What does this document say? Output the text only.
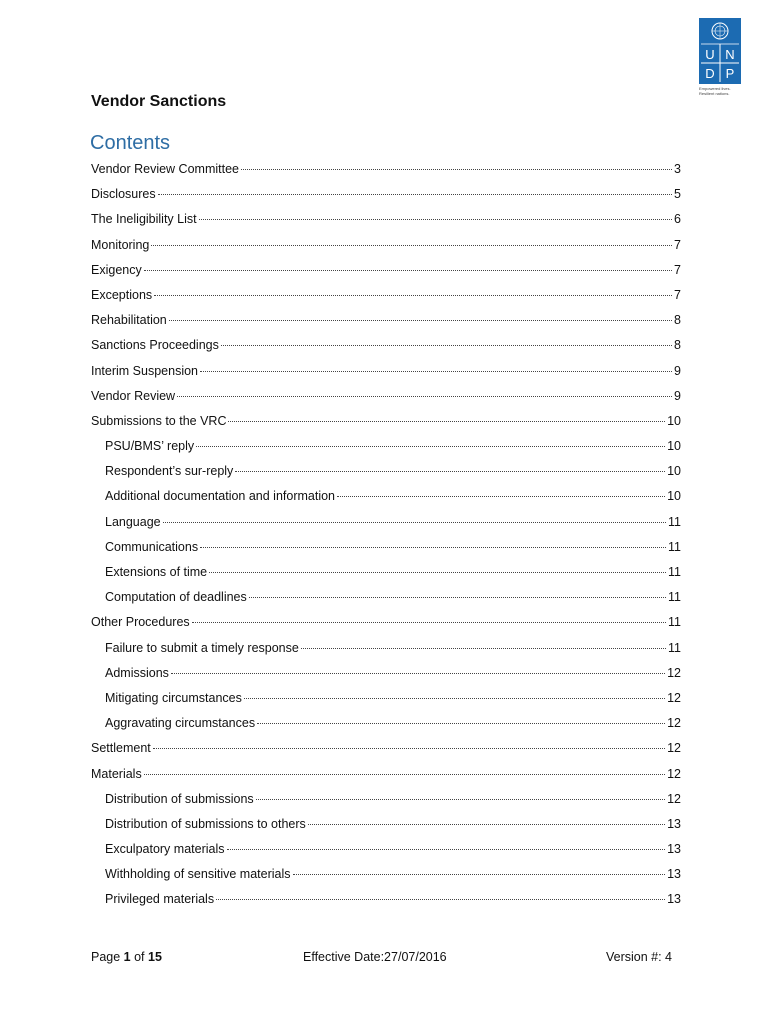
U N
D P
Empowered lives.
Resilient nations.
Vendor Sanctions
Contents
Vendor Review Committee	3
Disclosures	5
The Ineligibility List	6
Monitoring	7
Exigency	7
Exceptions	7
Rehabilitation	8
Sanctions Proceedings	8
Interim Suspension	9
Vendor Review	9
Submissions to the VRC	10
PSU/BMS’ reply	10
Respondent’s sur-reply	10
Additional documentation and information	10
Language	11
Communications	11
Extensions of time	11
Computation of deadlines	11
Other Procedures	11
Failure to submit a timely response	11
Admissions	12
Mitigating circumstances	12
Aggravating circumstances	12
Settlement	12
Materials	12
Distribution of submissions	12
Distribution of submissions to others	13
Exculpatory materials	13
Withholding of sensitive materials	13
Privileged materials	13
Page 1 of 15	Effective Date:27/07/2016	Version #: 4
